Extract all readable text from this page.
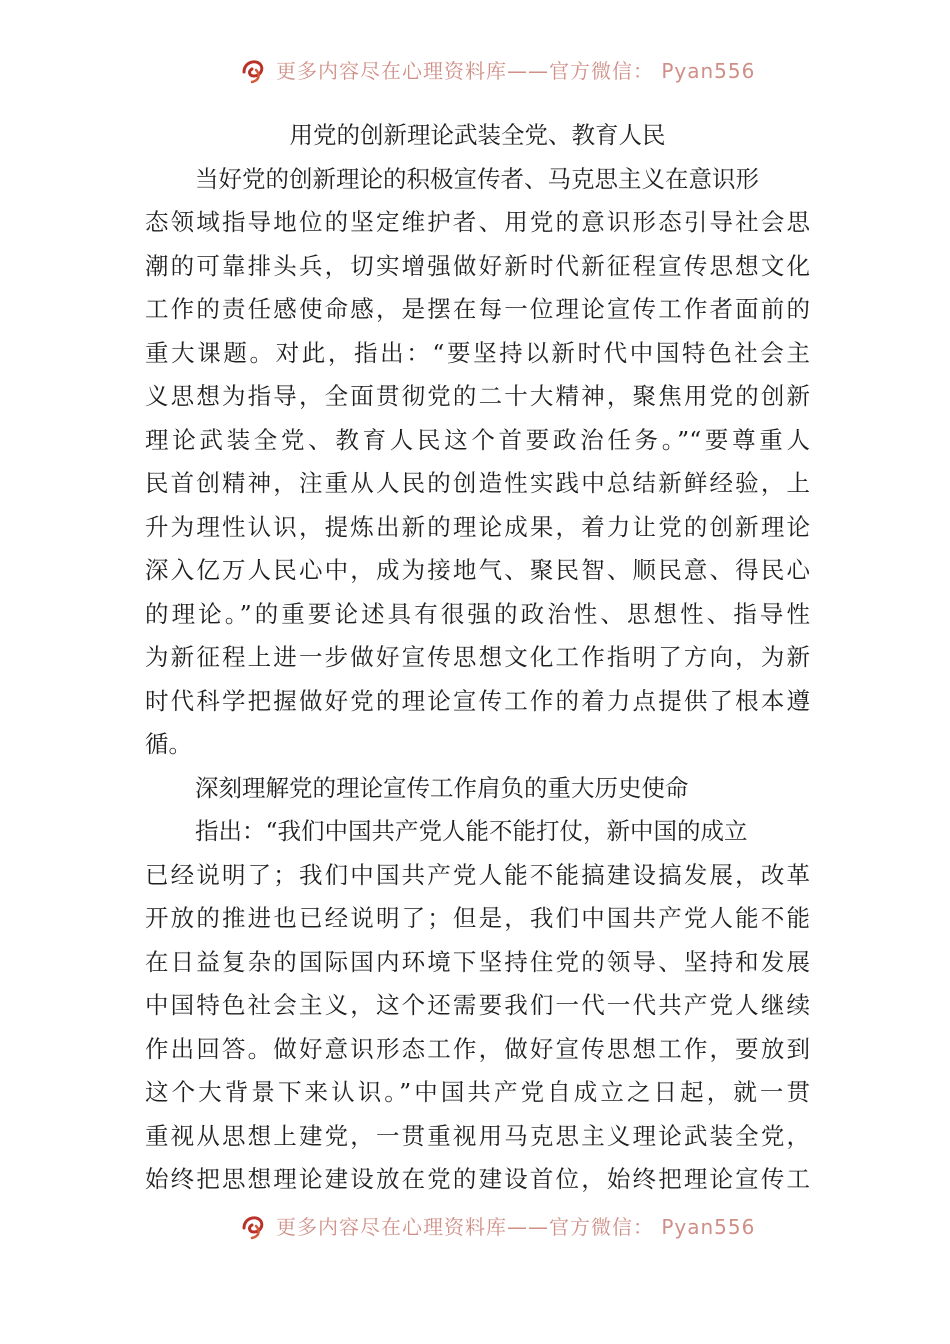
更多内容尽在心理资料库——官方微信： Pyan556
用党的创新理论武装全党、教育人民
当好党的创新理论的积极宣传者、马克思主义在意识形
态领域指导地位的坚定维护者、用党的意识形态引导社会思
潮的可靠排头兵，切实增强做好新时代新征程宣传思想文化
工作的责任感使命感，是摆在每一位理论宣传工作者面前的
重大课题。对此，指出：“要坚持以新时代中国特色社会主
义思想为指导，全面贯彻党的二十大精神，聚焦用党的创新
理论武装全党、教育人民这个首要政治任务。”“要尊重人
民首创精神，注重从人民的创造性实践中总结新鲜经验，上
升为理性认识，提炼出新的理论成果，着力让党的创新理论
深入亿万人民心中，成为接地气、聚民智、顺民意、得民心
的理论。”的重要论述具有很强的政治性、思想性、指导性
为新征程上进一步做好宣传思想文化工作指明了方向，为新
时代科学把握做好党的理论宣传工作的着力点提供了根本遵
循。
深刻理解党的理论宣传工作肩负的重大历史使命
指出：“我们中国共产党人能不能打仗，新中国的成立
已经说明了；我们中国共产党人能不能搞建设搞发展，改革
开放的推进也已经说明了；但是，我们中国共产党人能不能
在日益复杂的国际国内环境下坚持住党的领导、坚持和发展
中国特色社会主义，这个还需要我们一代一代共产党人继续
作出回答。做好意识形态工作，做好宣传思想工作，要放到
这个大背景下来认识。”中国共产党自成立之日起，就一贯
重视从思想上建党，一贯重视用马克思主义理论武装全党，
始终把思想理论建设放在党的建设首位，始终把理论宣传工
更多内容尽在心理资料库——官方微信： Pyan556
